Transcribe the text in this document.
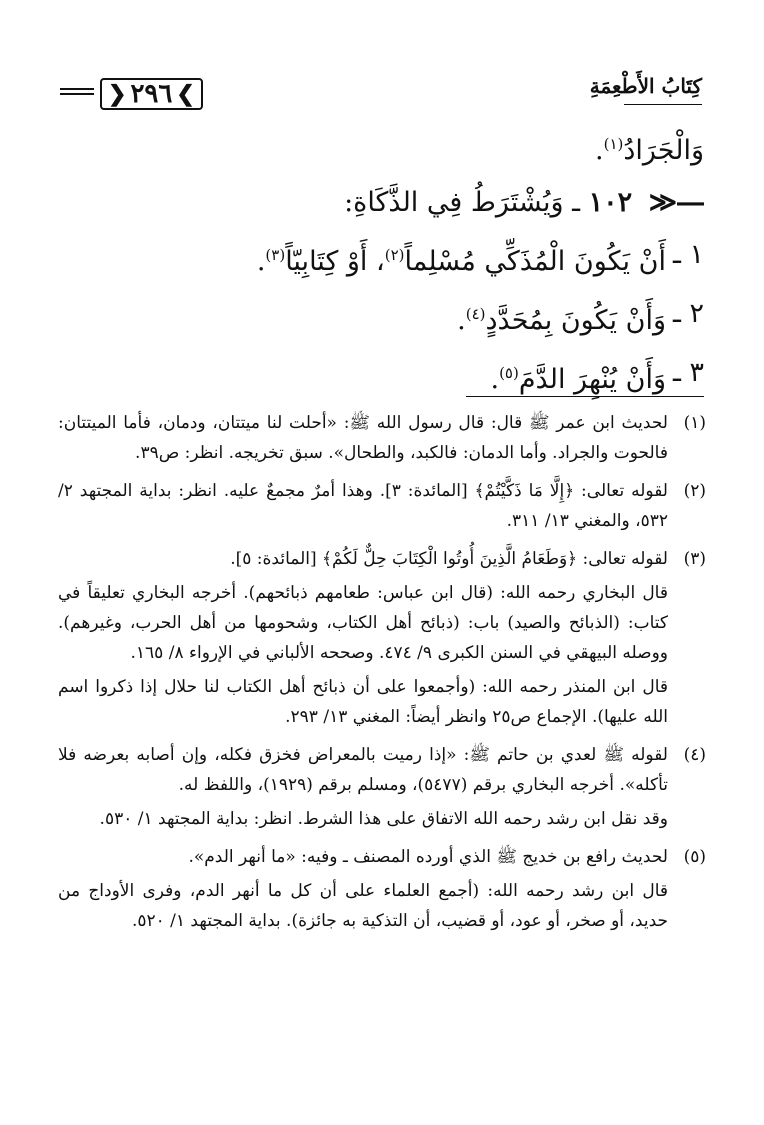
كِتَابُ الأَطْعِمَةِ
❯
٢٩٦
❮
وَالْجَرَادُ$^{(١)}$.
―≪ ١٠٢ ـ وَيُشْتَرَطُ فِي الذَّكَاةِ:
١ ـ
أَنْ يَكُونَ الْمُذَكِّي مُسْلِماً$^{(٢)}$، أَوْ كِتَابِيّاً$^{(٣)}$.
٢ ـ
وَأَنْ يَكُونَ بِمُحَدَّدٍ$^{(٤)}$.
٣ ـ
وَأَنْ يُنْهِرَ الدَّمَ$^{(٥)}$.
(١)

لحديث ابن عمر ﷺ قال: قال رسول الله ﷺ: «أحلت لنا ميتتان، ودمان، فأما الميتتان: فالحوت والجراد. وأما الدمان: فالكبد، والطحال». سبق تخريجه. انظر: ص٣٩.

(٢)

لقوله تعالى: ﴿إِلَّا مَا ذَكَّيْتُمْ﴾ [المائدة: ٣]. وهذا أمرٌ مجمعٌ عليه. انظر: بداية المجتهد ٢/ ٥٣٢، والمغني ١٣/ ٣١١.

(٣)

لقوله تعالى: ﴿وَطَعَامُ الَّذِينَ أُوتُوا الْكِتَابَ حِلٌّ لَكُمْ﴾ [المائدة: ٥].

قال البخاري رحمه الله: (قال ابن عباس: طعامهم ذبائحهم). أخرجه البخاري تعليقاً في كتاب: (الذبائح والصيد) باب: (ذبائح أهل الكتاب، وشحومها من أهل الحرب، وغيرهم). ووصله البيهقي في السنن الكبرى ٩/ ٤٧٤. وصححه الألباني في الإرواء ٨/ ١٦٥.

قال ابن المنذر رحمه الله: (وأجمعوا على أن ذبائح أهل الكتاب لنا حلال إذا ذكروا اسم الله عليها). الإجماع ص٢٥ وانظر أيضاً: المغني ١٣/ ٢٩٣.

(٤)

لقوله ﷺ لعدي بن حاتم ﷺ: «إذا رميت بالمعراض فخزق فكله، وإن أصابه بعرضه فلا تأكله». أخرجه البخاري برقم (٥٤٧٧)، ومسلم برقم (١٩٢٩)، واللفظ له.

وقد نقل ابن رشد رحمه الله الاتفاق على هذا الشرط. انظر: بداية المجتهد ١/ ٥٣٠.

(٥)

لحديث رافع بن خديج ﷺ الذي أورده المصنف ـ وفيه: «ما أنهر الدم».

قال ابن رشد رحمه الله: (أجمع العلماء على أن كل ما أنهر الدم، وفرى الأوداج من حديد، أو صخر، أو عود، أو قضيب، أن التذكية به جائزة). بداية المجتهد ١/ ٥٢٠.
